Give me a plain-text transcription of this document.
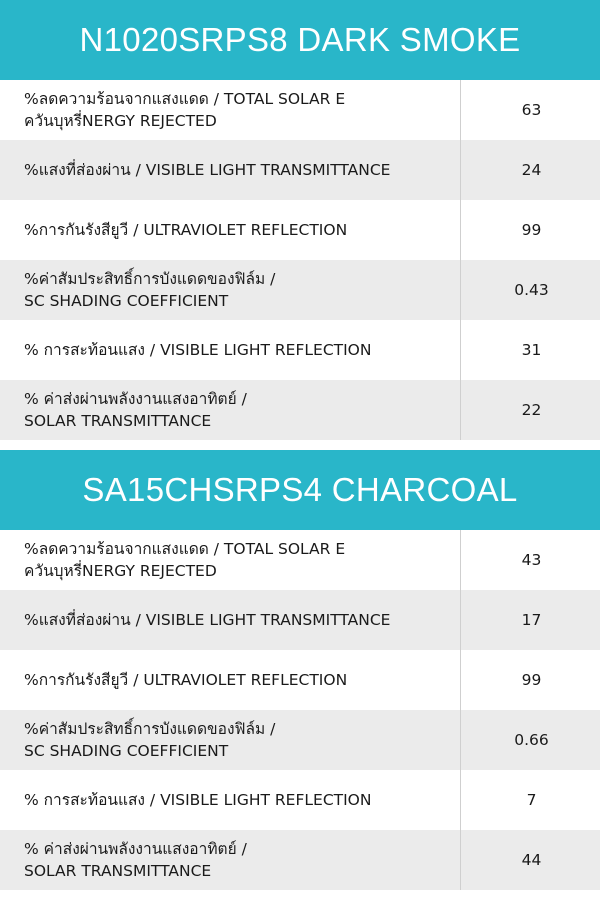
N1020SRPS8 DARK SMOKE
%ลดความร้อนจากแสงแดด / TOTAL SOLAR E
ควันบุหรี่NERGY REJECTED	63

%แสงที่ส่องผ่าน / VISIBLE LIGHT TRANSMITTANCE	24

%การกันรังสียูวี / ULTRAVIOLET REFLECTION	99

%ค่าสัมประสิทธิ์การบังแดดของฟิล์ม /
SC SHADING COEFFICIENT	0.43

% การสะท้อนแสง / VISIBLE LIGHT REFLECTION	31

% ค่าส่งผ่านพลังงานแสงอาทิตย์ /
SOLAR TRANSMITTANCE	22
SA15CHSRPS4 CHARCOAL
%ลดความร้อนจากแสงแดด / TOTAL SOLAR E
ควันบุหรี่NERGY REJECTED	43

%แสงที่ส่องผ่าน / VISIBLE LIGHT TRANSMITTANCE	17

%การกันรังสียูวี / ULTRAVIOLET REFLECTION	99

%ค่าสัมประสิทธิ์การบังแดดของฟิล์ม /
SC SHADING COEFFICIENT	0.66

% การสะท้อนแสง / VISIBLE LIGHT REFLECTION	7

% ค่าส่งผ่านพลังงานแสงอาทิตย์ /
SOLAR TRANSMITTANCE	44
